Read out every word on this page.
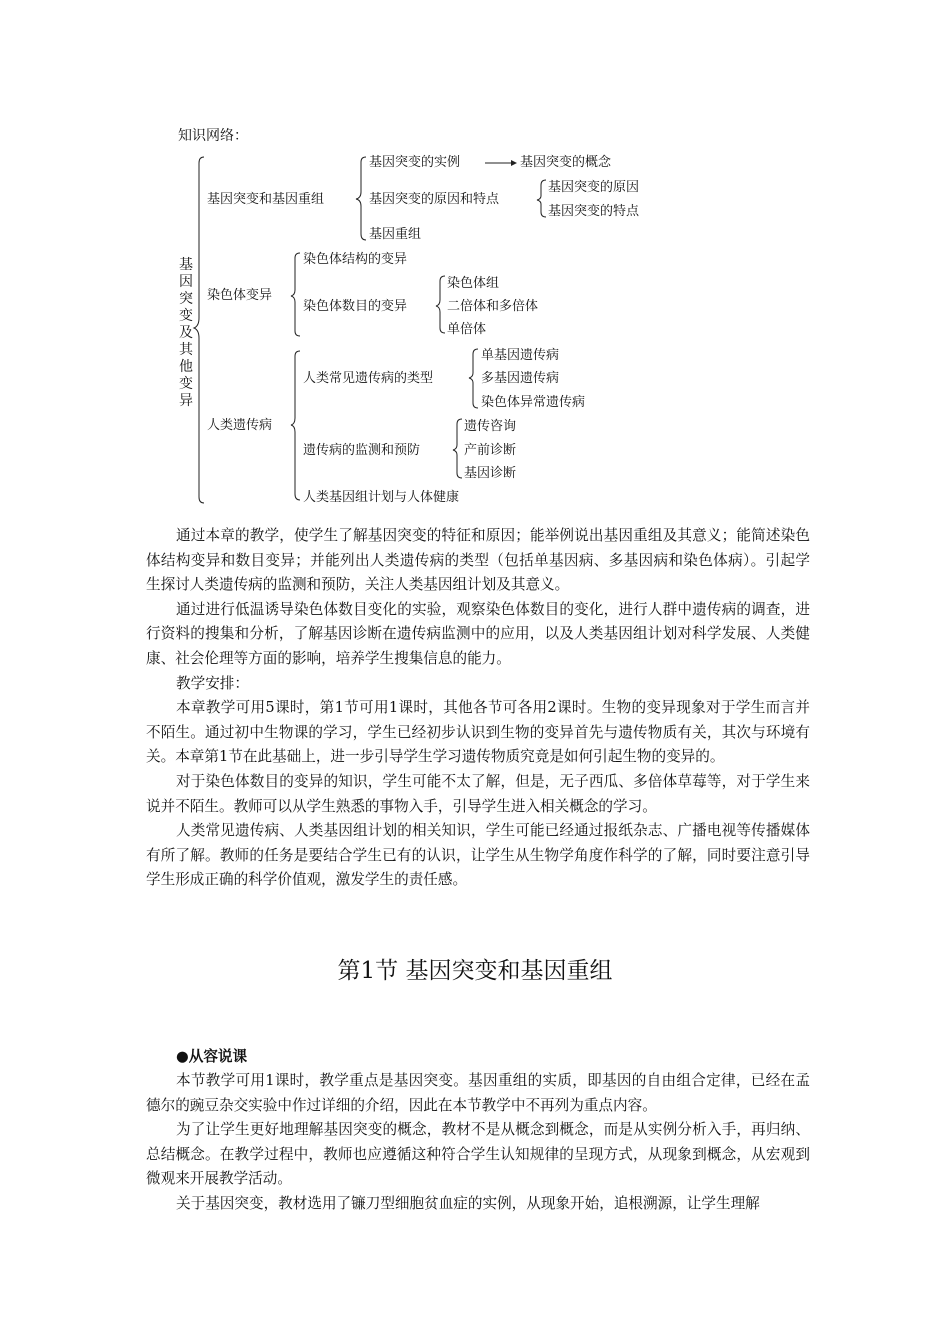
知识网络：
基
因
突
变
及
其
他
变
异
基因突变和基因重组
基因突变的实例	基因突变的概念
基因突变的原因和特点
基因突变的原因
基因突变的特点
基因重组
染色体变异
染色体结构的变异
染色体数目的变异
染色体组
二倍体和多倍体
单倍体
人类遗传病
人类常见遗传病的类型
单基因遗传病
多基因遗传病
染色体异常遗传病
遗传病的监测和预防
遗传咨询
产前诊断
基因诊断
人类基因组计划与人体健康

通过本章的教学，使学生了解基因突变的特征和原因；能举例说出基因重组及其意义；能简述染色体结构变异和数目变异；并能列出人类遗传病的类型（包括单基因病、多基因病和染色体病）。引起学生探讨人类遗传病的监测和预防，关注人类基因组计划及其意义。

通过进行低温诱导染色体数目变化的实验，观察染色体数目的变化，进行人群中遗传病的调查，进行资料的搜集和分析，了解基因诊断在遗传病监测中的应用，以及人类基因组计划对科学发展、人类健康、社会伦理等方面的影响，培养学生搜集信息的能力。

教学安排：

本章教学可用5课时，第1节可用1课时，其他各节可各用2课时。生物的变异现象对于学生而言并不陌生。通过初中生物课的学习，学生已经初步认识到生物的变异首先与遗传物质有关，其次与环境有关。本章第1节在此基础上，进一步引导学生学习遗传物质究竟是如何引起生物的变异的。

对于染色体数目的变异的知识，学生可能不太了解，但是，无子西瓜、多倍体草莓等，对于学生来说并不陌生。教师可以从学生熟悉的事物入手，引导学生进入相关概念的学习。

人类常见遗传病、人类基因组计划的相关知识，学生可能已经通过报纸杂志、广播电视等传播媒体有所了解。教师的任务是要结合学生已有的认识，让学生从生物学角度作科学的了解，同时要注意引导学生形成正确的科学价值观，激发学生的责任感。

第1节 基因突变和基因重组
●从容说课

本节教学可用1课时，教学重点是基因突变。基因重组的实质，即基因的自由组合定律，已经在孟德尔的豌豆杂交实验中作过详细的介绍，因此在本节教学中不再列为重点内容。

为了让学生更好地理解基因突变的概念，教材不是从概念到概念，而是从实例分析入手，再归纳、总结概念。在教学过程中，教师也应遵循这种符合学生认知规律的呈现方式，从现象到概念，从宏观到微观来开展教学活动。

关于基因突变，教材选用了镰刀型细胞贫血症的实例，从现象开始，追根溯源，让学生理解
